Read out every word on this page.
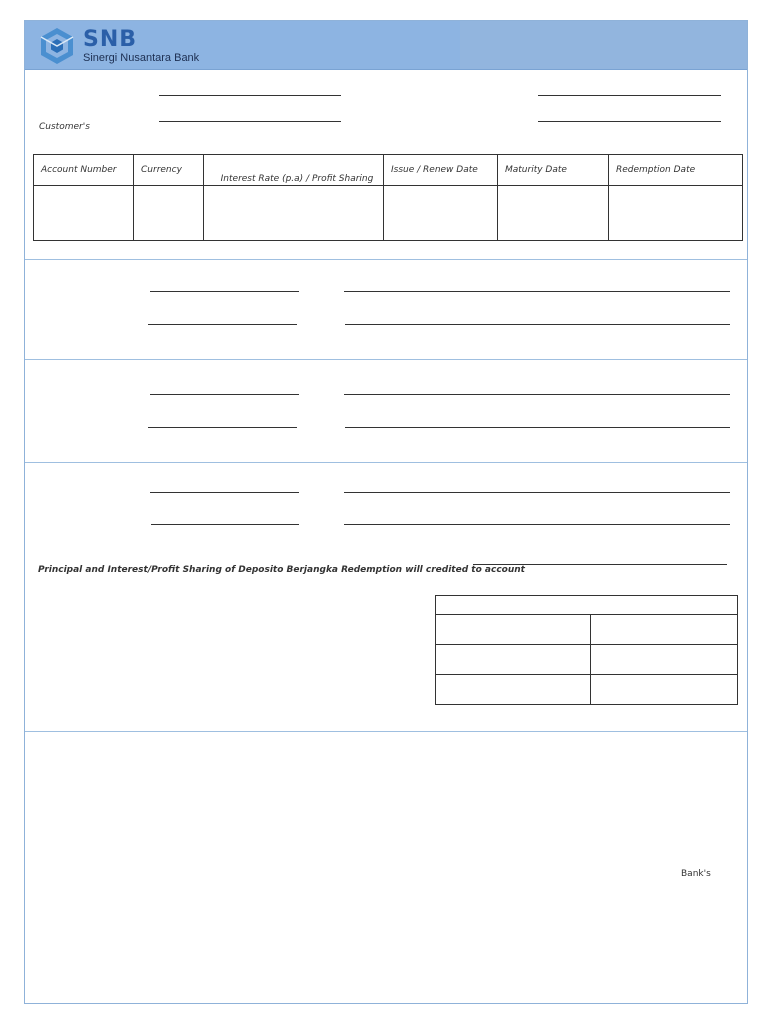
SNB
Sinergi Nusantara Bank
Customer's
Account Number	Currency	Interest Rate (p.a) / Profit Sharing	Issue / Renew Date	Maturity Date	Redemption Date

Principal and Interest/Profit Sharing of Deposito Berjangka Redemption will credited to account

Bank's
